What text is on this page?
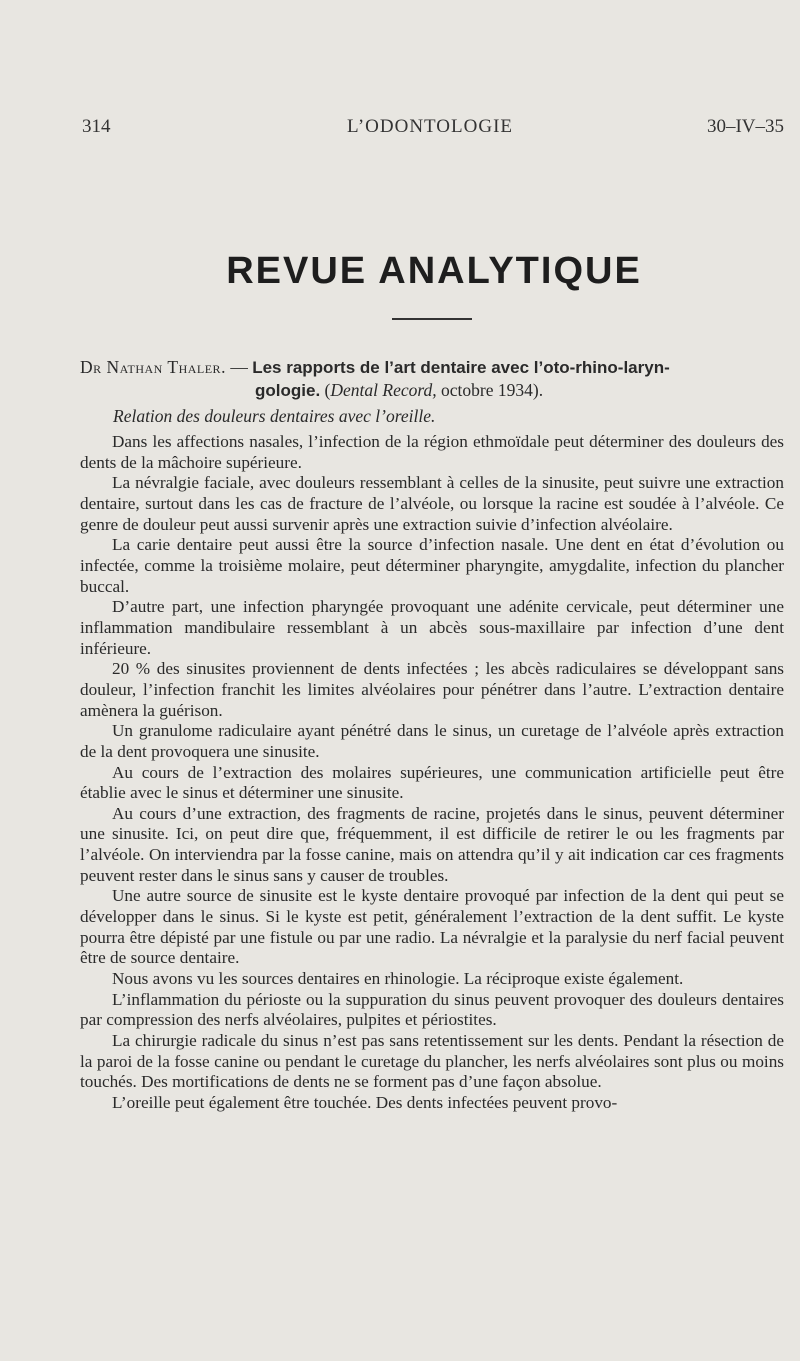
314	L’ODONTOLOGIE	30–IV–35
REVUE ANALYTIQUE
Dr Nathan Thaler. — Les rapports de l’art dentaire avec l’oto-rhino-laryn-
gologie. (Dental Record, octobre 1934).
Relation des douleurs dentaires avec l’oreille.

Dans les affections nasales, l’infection de la région ethmoïdale peut déterminer des douleurs des dents de la mâchoire supérieure.

La névralgie faciale, avec douleurs ressemblant à celles de la sinusite, peut suivre une extraction dentaire, surtout dans les cas de fracture de l’alvéole, ou lorsque la racine est soudée à l’alvéole. Ce genre de douleur peut aussi survenir après une extraction suivie d’infection alvéolaire.

La carie dentaire peut aussi être la source d’infection nasale. Une dent en état d’évolution ou infectée, comme la troisième molaire, peut déterminer pharyngite, amygdalite, infection du plancher buccal.

D’autre part, une infection pharyngée provoquant une adénite cervicale, peut déterminer une inflammation mandibulaire ressemblant à un abcès sous-maxillaire par infection d’une dent inférieure.

20 % des sinusites proviennent de dents infectées ; les abcès radiculaires se développant sans douleur, l’infection franchit les limites alvéolaires pour pénétrer dans l’autre. L’extraction dentaire amènera la guérison.

Un granulome radiculaire ayant pénétré dans le sinus, un curetage de l’alvéole après extraction de la dent provoquera une sinusite.

Au cours de l’extraction des molaires supérieures, une communication artificielle peut être établie avec le sinus et déterminer une sinusite.

Au cours d’une extraction, des fragments de racine, projetés dans le sinus, peuvent déterminer une sinusite. Ici, on peut dire que, fréquemment, il est difficile de retirer le ou les fragments par l’alvéole. On interviendra par la fosse canine, mais on attendra qu’il y ait indication car ces fragments peuvent rester dans le sinus sans y causer de troubles.

Une autre source de sinusite est le kyste dentaire provoqué par infection de la dent qui peut se développer dans le sinus. Si le kyste est petit, généralement l’extraction de la dent suffit. Le kyste pourra être dépisté par une fistule ou par une radio. La névralgie et la paralysie du nerf facial peuvent être de source dentaire.

Nous avons vu les sources dentaires en rhinologie. La réciproque existe également.

L’inflammation du périoste ou la suppuration du sinus peuvent provoquer des douleurs dentaires par compression des nerfs alvéolaires, pulpites et périostites.

La chirurgie radicale du sinus n’est pas sans retentissement sur les dents. Pendant la résection de la paroi de la fosse canine ou pendant le curetage du plancher, les nerfs alvéolaires sont plus ou moins touchés. Des mortifications de dents ne se forment pas d’une façon absolue.

L’oreille peut également être touchée. Des dents infectées peuvent provo-
